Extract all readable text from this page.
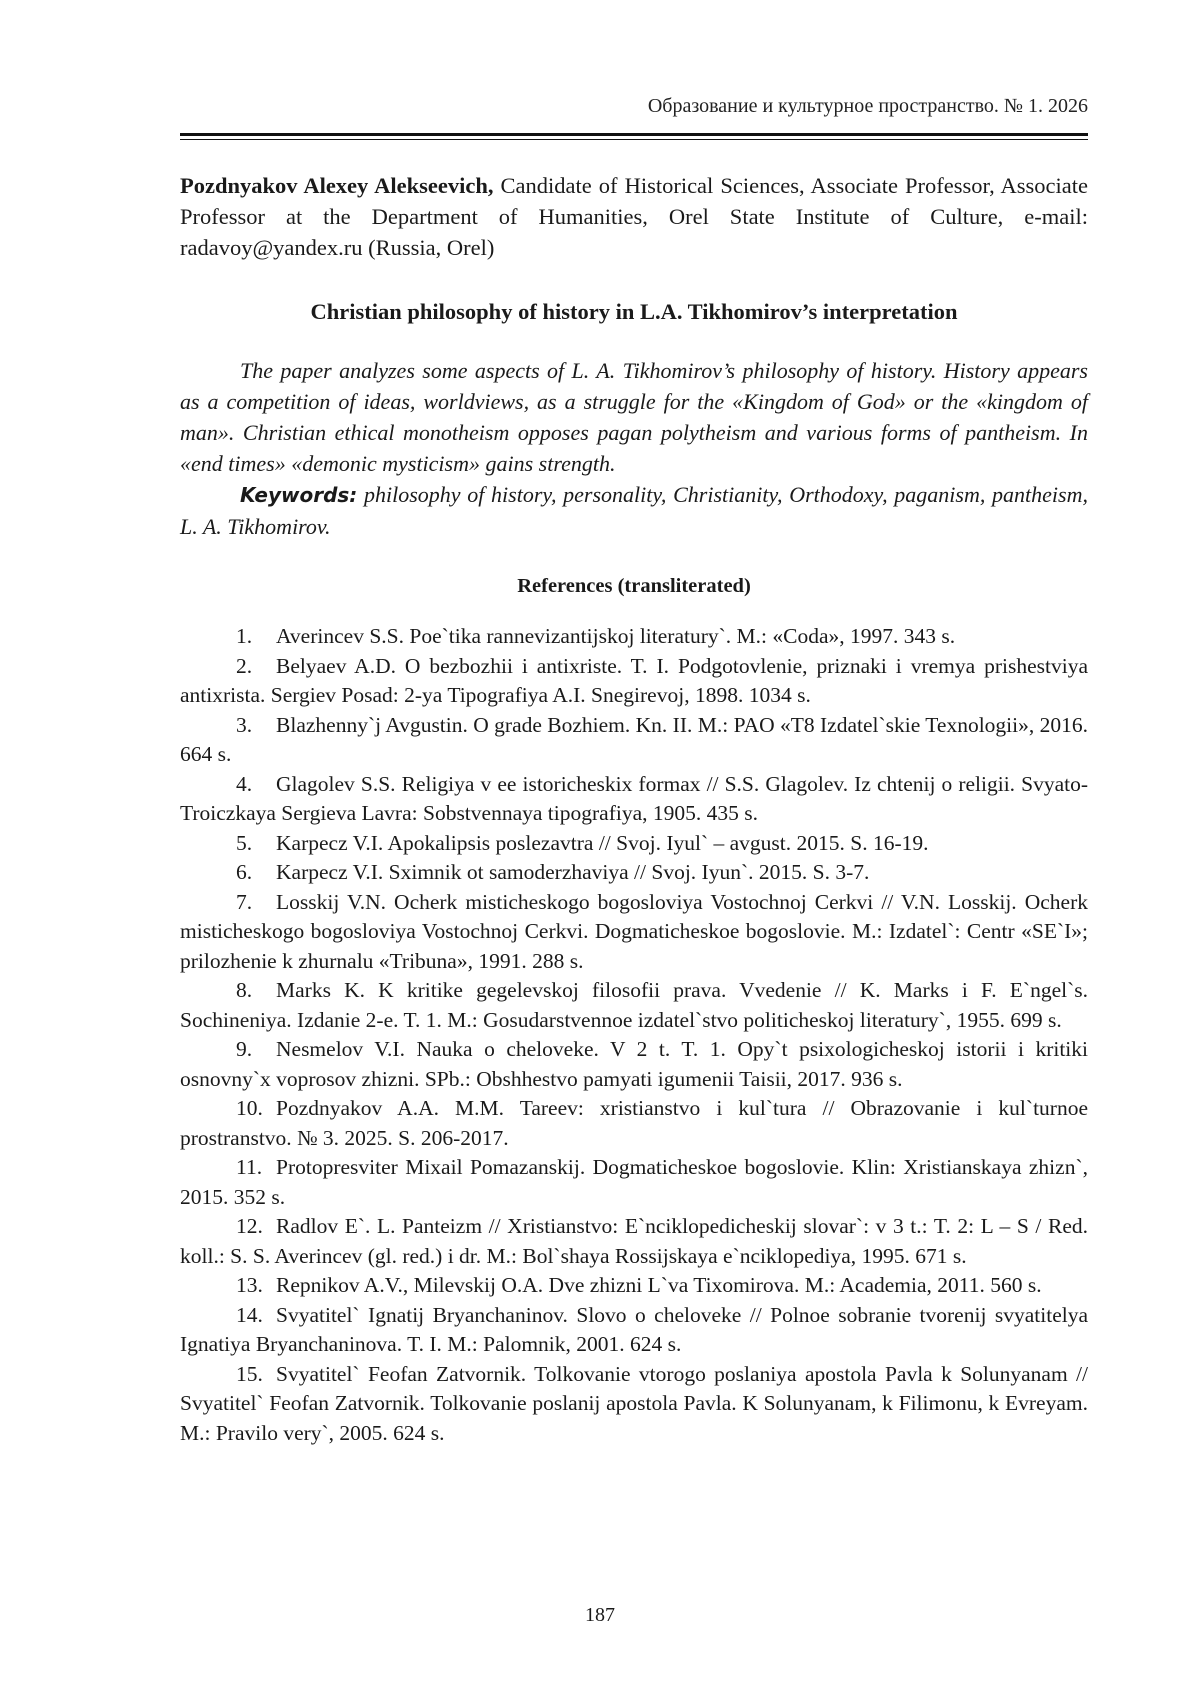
Образование и культурное пространство. № 1. 2026

Pozdnyakov Alexey Alekseevich, Candidate of Historical Sciences, Associate Professor, Associate Professor at the Department of Humanities, Orel State Institute of Culture, e-mail: radavoy@yandex.ru (Russia, Orel)

Christian philosophy of history in L.A. Tikhomirov’s interpretation

The paper analyzes some aspects of L. A. Tikhomirov’s philosophy of history. History appears as a competition of ideas, worldviews, as a struggle for the «Kingdom of God» or the «kingdom of man». Christian ethical monotheism opposes pagan polytheism and various forms of pantheism. In «end times» «demonic mysticism» gains strength.

Keywords: philosophy of history, personality, Christianity, Orthodoxy, paganism, pantheism, L. A. Tikhomirov.

References (transliterated)
1. Averincev S.S. Poe`tika rannevizantijskoj literatury`. M.: «Coda», 1997. 343 s.
2. Belyaev A.D. O bezbozhii i antixriste. T. I. Podgotovlenie, priznaki i vremya prishestviya antixrista. Sergiev Posad: 2-ya Tipografiya A.I. Snegirevoj, 1898. 1034 s.
3. Blazhenny`j Avgustin. O grade Bozhiem. Kn. II. M.: PAO «T8 Izdatel`skie Texnologii», 2016. 664 s.
4. Glagolev S.S. Religiya v ee istoricheskix formax // S.S. Glagolev. Iz chtenij o religii. Svyato-Troiczkaya Sergieva Lavra: Sobstvennaya tipografiya, 1905. 435 s.
5. Karpecz V.I. Apokalipsis poslezavtra // Svoj. Iyul` – avgust. 2015. S. 16-19.
6. Karpecz V.I. Sximnik ot samoderzhaviya // Svoj. Iyun`. 2015. S. 3-7.
7. Losskij V.N. Ocherk misticheskogo bogosloviya Vostochnoj Cerkvi // V.N. Losskij. Ocherk misticheskogo bogosloviya Vostochnoj Cerkvi. Dogmaticheskoe bogoslovie. M.: Izdatel`: Centr «SE`I»; prilozhenie k zhurnalu «Tribuna», 1991. 288 s.
8. Marks K. K kritike gegelevskoj filosofii prava. Vvedenie // K. Marks i F. E`ngel`s. Sochineniya. Izdanie 2-e. T. 1. M.: Gosudarstvennoe izdatel`stvo politicheskoj literatury`, 1955. 699 s.
9. Nesmelov V.I. Nauka o cheloveke. V 2 t. T. 1. Opy`t psixologicheskoj istorii i kritiki osnovny`x voprosov zhizni. SPb.: Obshhestvo pamyati igumenii Taisii, 2017. 936 s.
10. Pozdnyakov A.A. M.M. Tareev: xristianstvo i kul`tura // Obrazovanie i kul`turnoe prostranstvo. № 3. 2025. S. 206-2017.
11. Protopresviter Mixail Pomazanskij. Dogmaticheskoe bogoslovie. Klin: Xristianskaya zhizn`, 2015. 352 s.
12. Radlov E`. L. Panteizm // Xristianstvo: E`nciklopedicheskij slovar`: v 3 t.: T. 2: L – S / Red. koll.: S. S. Averincev (gl. red.) i dr. M.: Bol`shaya Rossijskaya e`nciklopediya, 1995. 671 s.
13. Repnikov A.V., Milevskij O.A. Dve zhizni L`va Tixomirova. M.: Academia, 2011. 560 s.
14. Svyatitel` Ignatij Bryanchaninov. Slovo o cheloveke // Polnoe sobranie tvorenij svyatitelya Ignatiya Bryanchaninova. T. I. M.: Palomnik, 2001. 624 s.
15. Svyatitel` Feofan Zatvornik. Tolkovanie vtorogo poslaniya apostola Pavla k Solunyanam // Svyatitel` Feofan Zatvornik. Tolkovanie poslanij apostola Pavla. K Solunyanam, k Filimonu, k Evreyam. M.: Pravilo very`, 2005. 624 s.
187
